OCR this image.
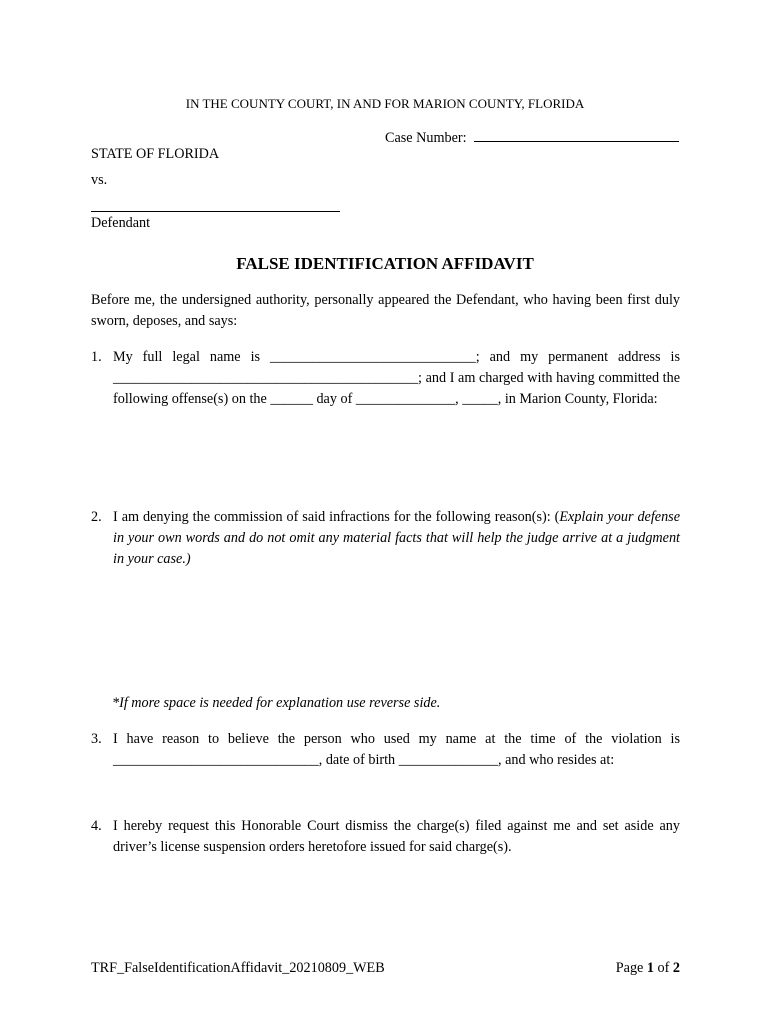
IN THE COUNTY COURT, IN AND FOR MARION COUNTY, FLORIDA
Case Number:
STATE OF FLORIDA
vs.
Defendant
FALSE IDENTIFICATION AFFIDAVIT
Before me, the undersigned authority, personally appeared the Defendant, who having been first duly sworn, deposes, and says:
1. My full legal name is _____________________________; and my permanent address is ___________________________________________; and I am charged with having committed the following offense(s) on the ______ day of ______________, _____, in Marion County, Florida:
2. I am denying the commission of said infractions for the following reason(s): (Explain your defense in your own words and do not omit any material facts that will help the judge arrive at a judgment in your case.)
*If more space is needed for explanation use reverse side.
3. I have reason to believe the person who used my name at the time of the violation is _____________________________, date of birth ______________, and who resides at:
4. I hereby request this Honorable Court dismiss the charge(s) filed against me and set aside any driver’s license suspension orders heretofore issued for said charge(s).
TRF_FalseIdentificationAffidavit_20210809_WEB	Page 1 of 2
